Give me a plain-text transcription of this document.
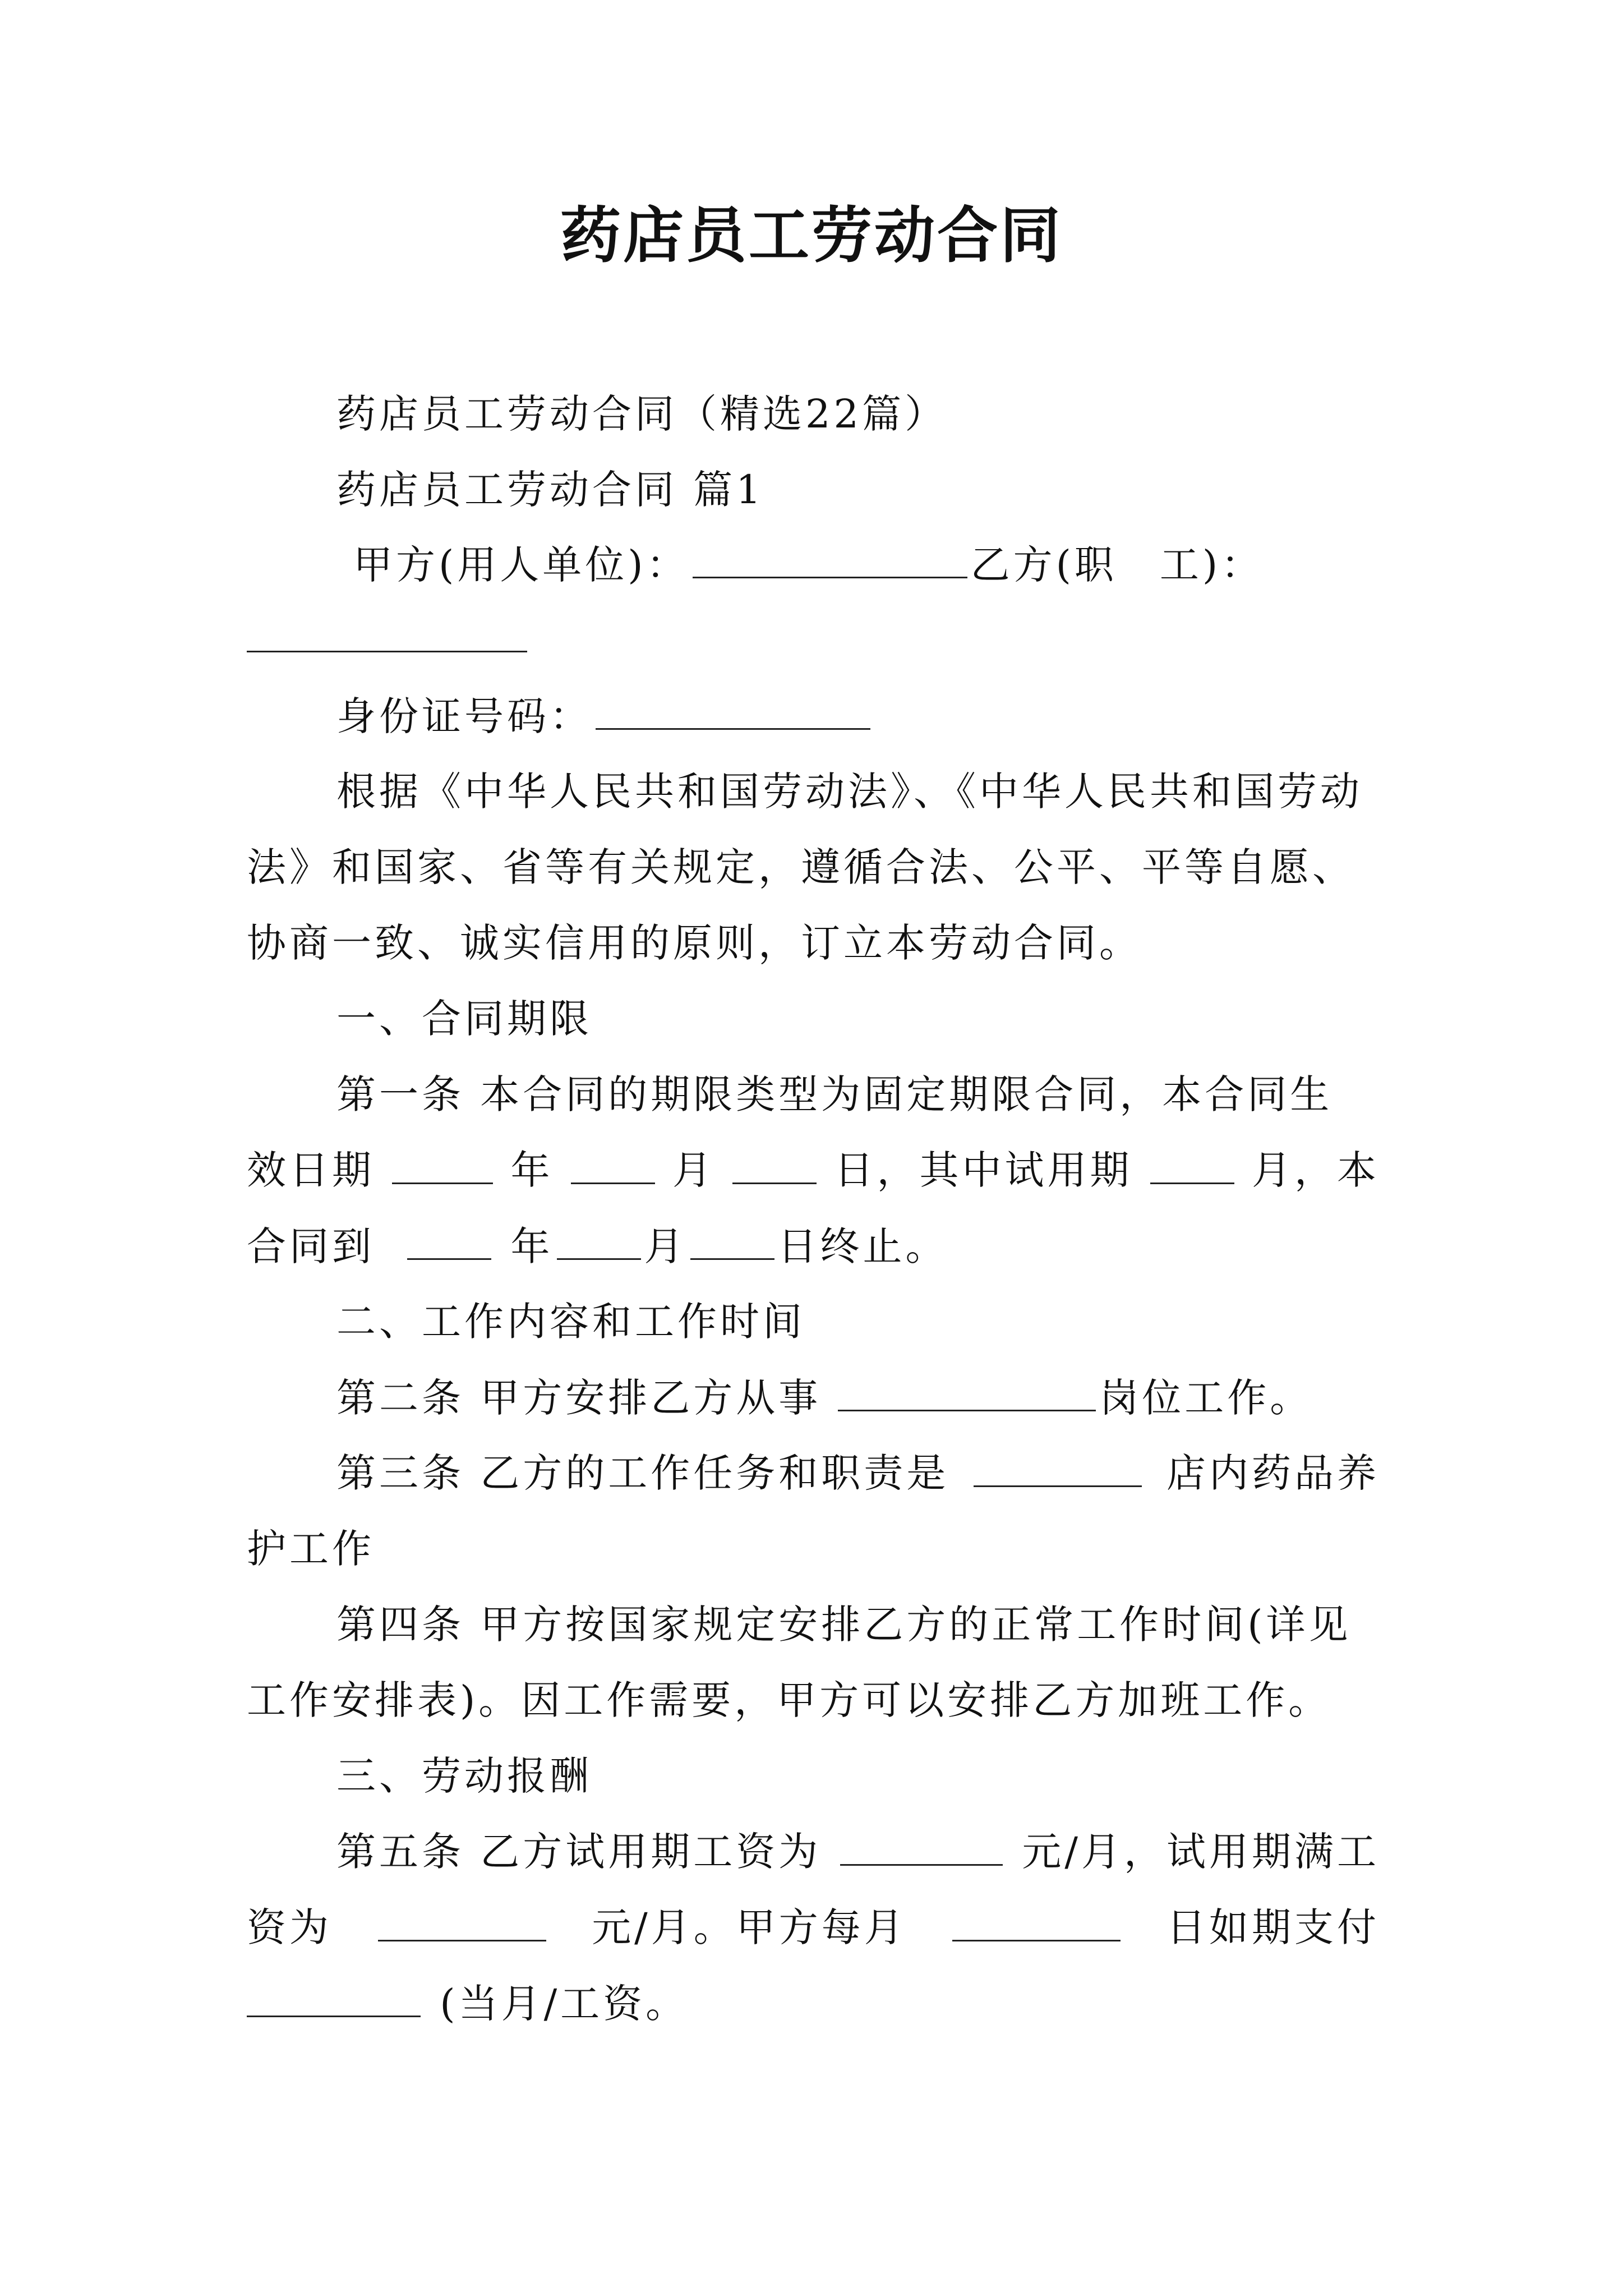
药店员工劳动合同
药店员工劳动合同（精选22篇）
药店员工劳动合同 篇1
甲方(用人单位)：	乙方(职　工)：
身份证号码：
根据《中华人民共和国劳动法》、《中华人民共和国劳动
法》和国家、省等有关规定，遵循合法、公平、平等自愿、
协商一致、诚实信用的原则，订立本劳动合同。
一、合同期限
第一条 本合同的期限类型为固定期限合同，本合同生
效日期	年	月	日，其中试用期	月，本
合同到	年 月 日终止。
二、工作内容和工作时间
第二条 甲方安排乙方从事	岗位工作。
第三条 乙方的工作任务和职责是	店内药品养
护工作
第四条 甲方按国家规定安排乙方的正常工作时间(详见
工作安排表)。因工作需要，甲方可以安排乙方加班工作。
三、劳动报酬
第五条 乙方试用期工资为	元/月，试用期满工
资为	元/月。甲方每月	日如期支付
(当月/工资。
